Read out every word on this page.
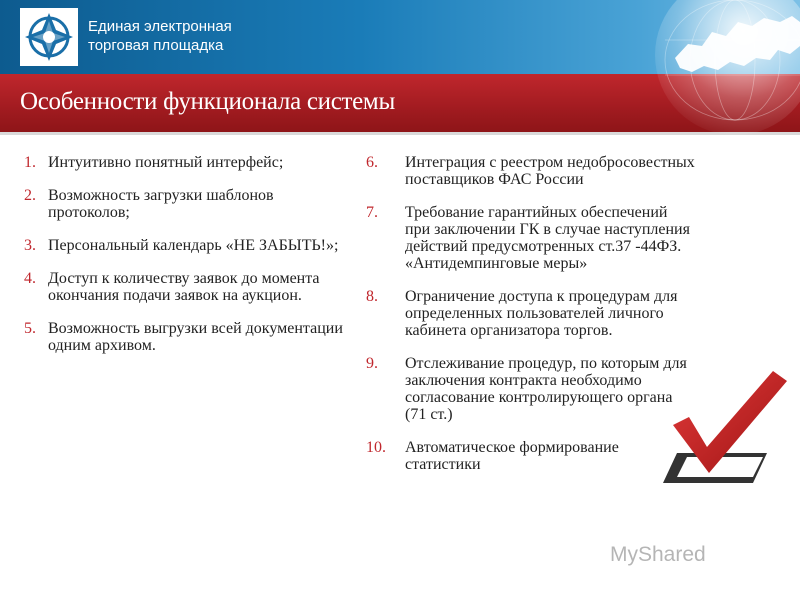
Единая электронная
торговая площадка
Особенности функционала системы
1. Интуитивно понятный интерфейс;
2. Возможность загрузки шаблонов протоколов;
3. Персональный календарь «НЕ ЗАБЫТЬ!»;
4. Доступ к количеству заявок до момента окончания подачи заявок на аукцион.
5. Возможность выгрузки всей документации одним архивом.
6. Интеграция с реестром недобросовестных поставщиков ФАС России
7. Требование гарантийных обеспечений при заключении ГК в случае наступления действий предусмотренных ст.37 -44ФЗ. «Антидемпинговые меры»
8. Ограничение доступа к процедурам для определенных пользователей личного кабинета организатора торгов.
9. Отслеживание процедур, по которым для заключения контракта необходимо согласование контролирующего органа (71 ст.)
10. Автоматическое формирование статистики
MyShared
